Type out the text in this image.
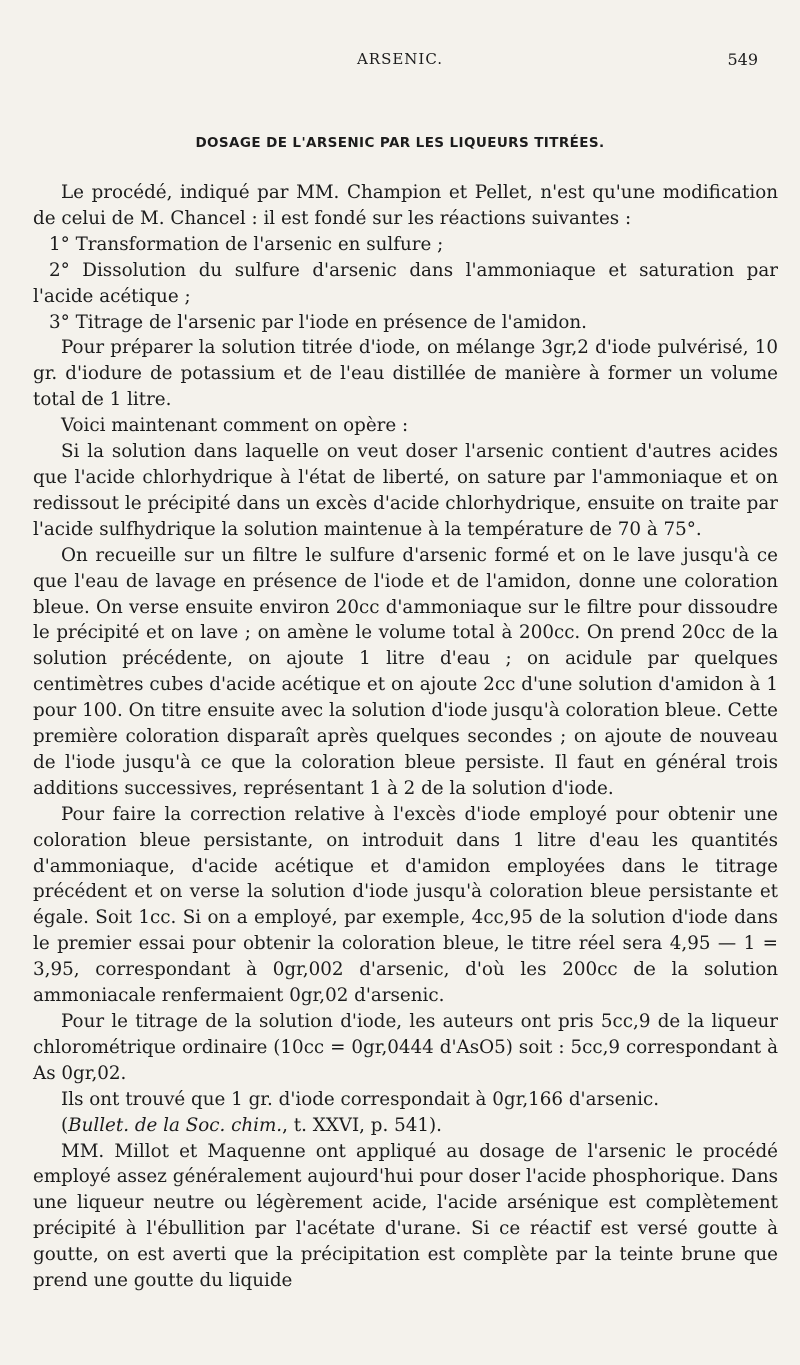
ARSENIC.	549
DOSAGE DE L'ARSENIC PAR LES LIQUEURS TITRÉES.

Le procédé, indiqué par MM. Champion et Pellet, n'est qu'une modification de celui de M. Chancel : il est fondé sur les réactions suivantes :

1° Transformation de l'arsenic en sulfure ;

2° Dissolution du sulfure d'arsenic dans l'ammoniaque et saturation par l'acide acétique ;

3° Titrage de l'arsenic par l'iode en présence de l'amidon.

Pour préparer la solution titrée d'iode, on mélange 3gr,2 d'iode pulvérisé, 10 gr. d'iodure de potassium et de l'eau distillée de manière à former un volume total de 1 litre.

Voici maintenant comment on opère :

Si la solution dans laquelle on veut doser l'arsenic contient d'autres acides que l'acide chlorhydrique à l'état de liberté, on sature par l'ammoniaque et on redissout le précipité dans un excès d'acide chlorhydrique, ensuite on traite par l'acide sulfhydrique la solution maintenue à la température de 70 à 75°.

On recueille sur un filtre le sulfure d'arsenic formé et on le lave jusqu'à ce que l'eau de lavage en présence de l'iode et de l'amidon, donne une coloration bleue. On verse ensuite environ 20cc d'ammoniaque sur le filtre pour dissoudre le précipité et on lave ; on amène le volume total à 200cc. On prend 20cc de la solution précédente, on ajoute 1 litre d'eau ; on acidule par quelques centimètres cubes d'acide acétique et on ajoute 2cc d'une solution d'amidon à 1 pour 100. On titre ensuite avec la solution d'iode jusqu'à coloration bleue. Cette première coloration disparaît après quelques secondes ; on ajoute de nouveau de l'iode jusqu'à ce que la coloration bleue persiste. Il faut en général trois additions successives, représentant 1 à 2 de la solution d'iode.

Pour faire la correction relative à l'excès d'iode employé pour obtenir une coloration bleue persistante, on introduit dans 1 litre d'eau les quantités d'ammoniaque, d'acide acétique et d'amidon employées dans le titrage précédent et on verse la solution d'iode jusqu'à coloration bleue persistante et égale. Soit 1cc. Si on a employé, par exemple, 4cc,95 de la solution d'iode dans le premier essai pour obtenir la coloration bleue, le titre réel sera 4,95 — 1 = 3,95, correspondant à 0gr,002 d'arsenic, d'où les 200cc de la solution ammoniacale renfermaient 0gr,02 d'arsenic.

Pour le titrage de la solution d'iode, les auteurs ont pris 5cc,9 de la liqueur chlorométrique ordinaire (10cc = 0gr,0444 d'AsO5) soit : 5cc,9 correspondant à As 0gr,02.

Ils ont trouvé que 1 gr. d'iode correspondait à 0gr,166 d'arsenic.

(Bullet. de la Soc. chim., t. XXVI, p. 541).

MM. Millot et Maquenne ont appliqué au dosage de l'arsenic le procédé employé assez généralement aujourd'hui pour doser l'acide phosphorique. Dans une liqueur neutre ou légèrement acide, l'acide arsénique est complètement précipité à l'ébullition par l'acétate d'urane. Si ce réactif est versé goutte à goutte, on est averti que la précipitation est complète par la teinte brune que prend une goutte du liquide
